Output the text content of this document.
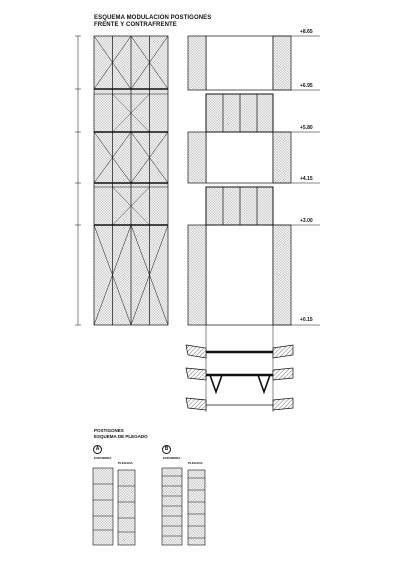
ESQUEMA MODULACION POSTIGONES
FRENTE Y CONTRAFRENTE
+8.65
+6.95
+5.80
+4.15
+3.00
+0.15
POSTIGONES
ESQUEMA DE PLEGADO
A
EXPANDIDA
PLEGADA
B
EXPANDIDA
PLEGADA
